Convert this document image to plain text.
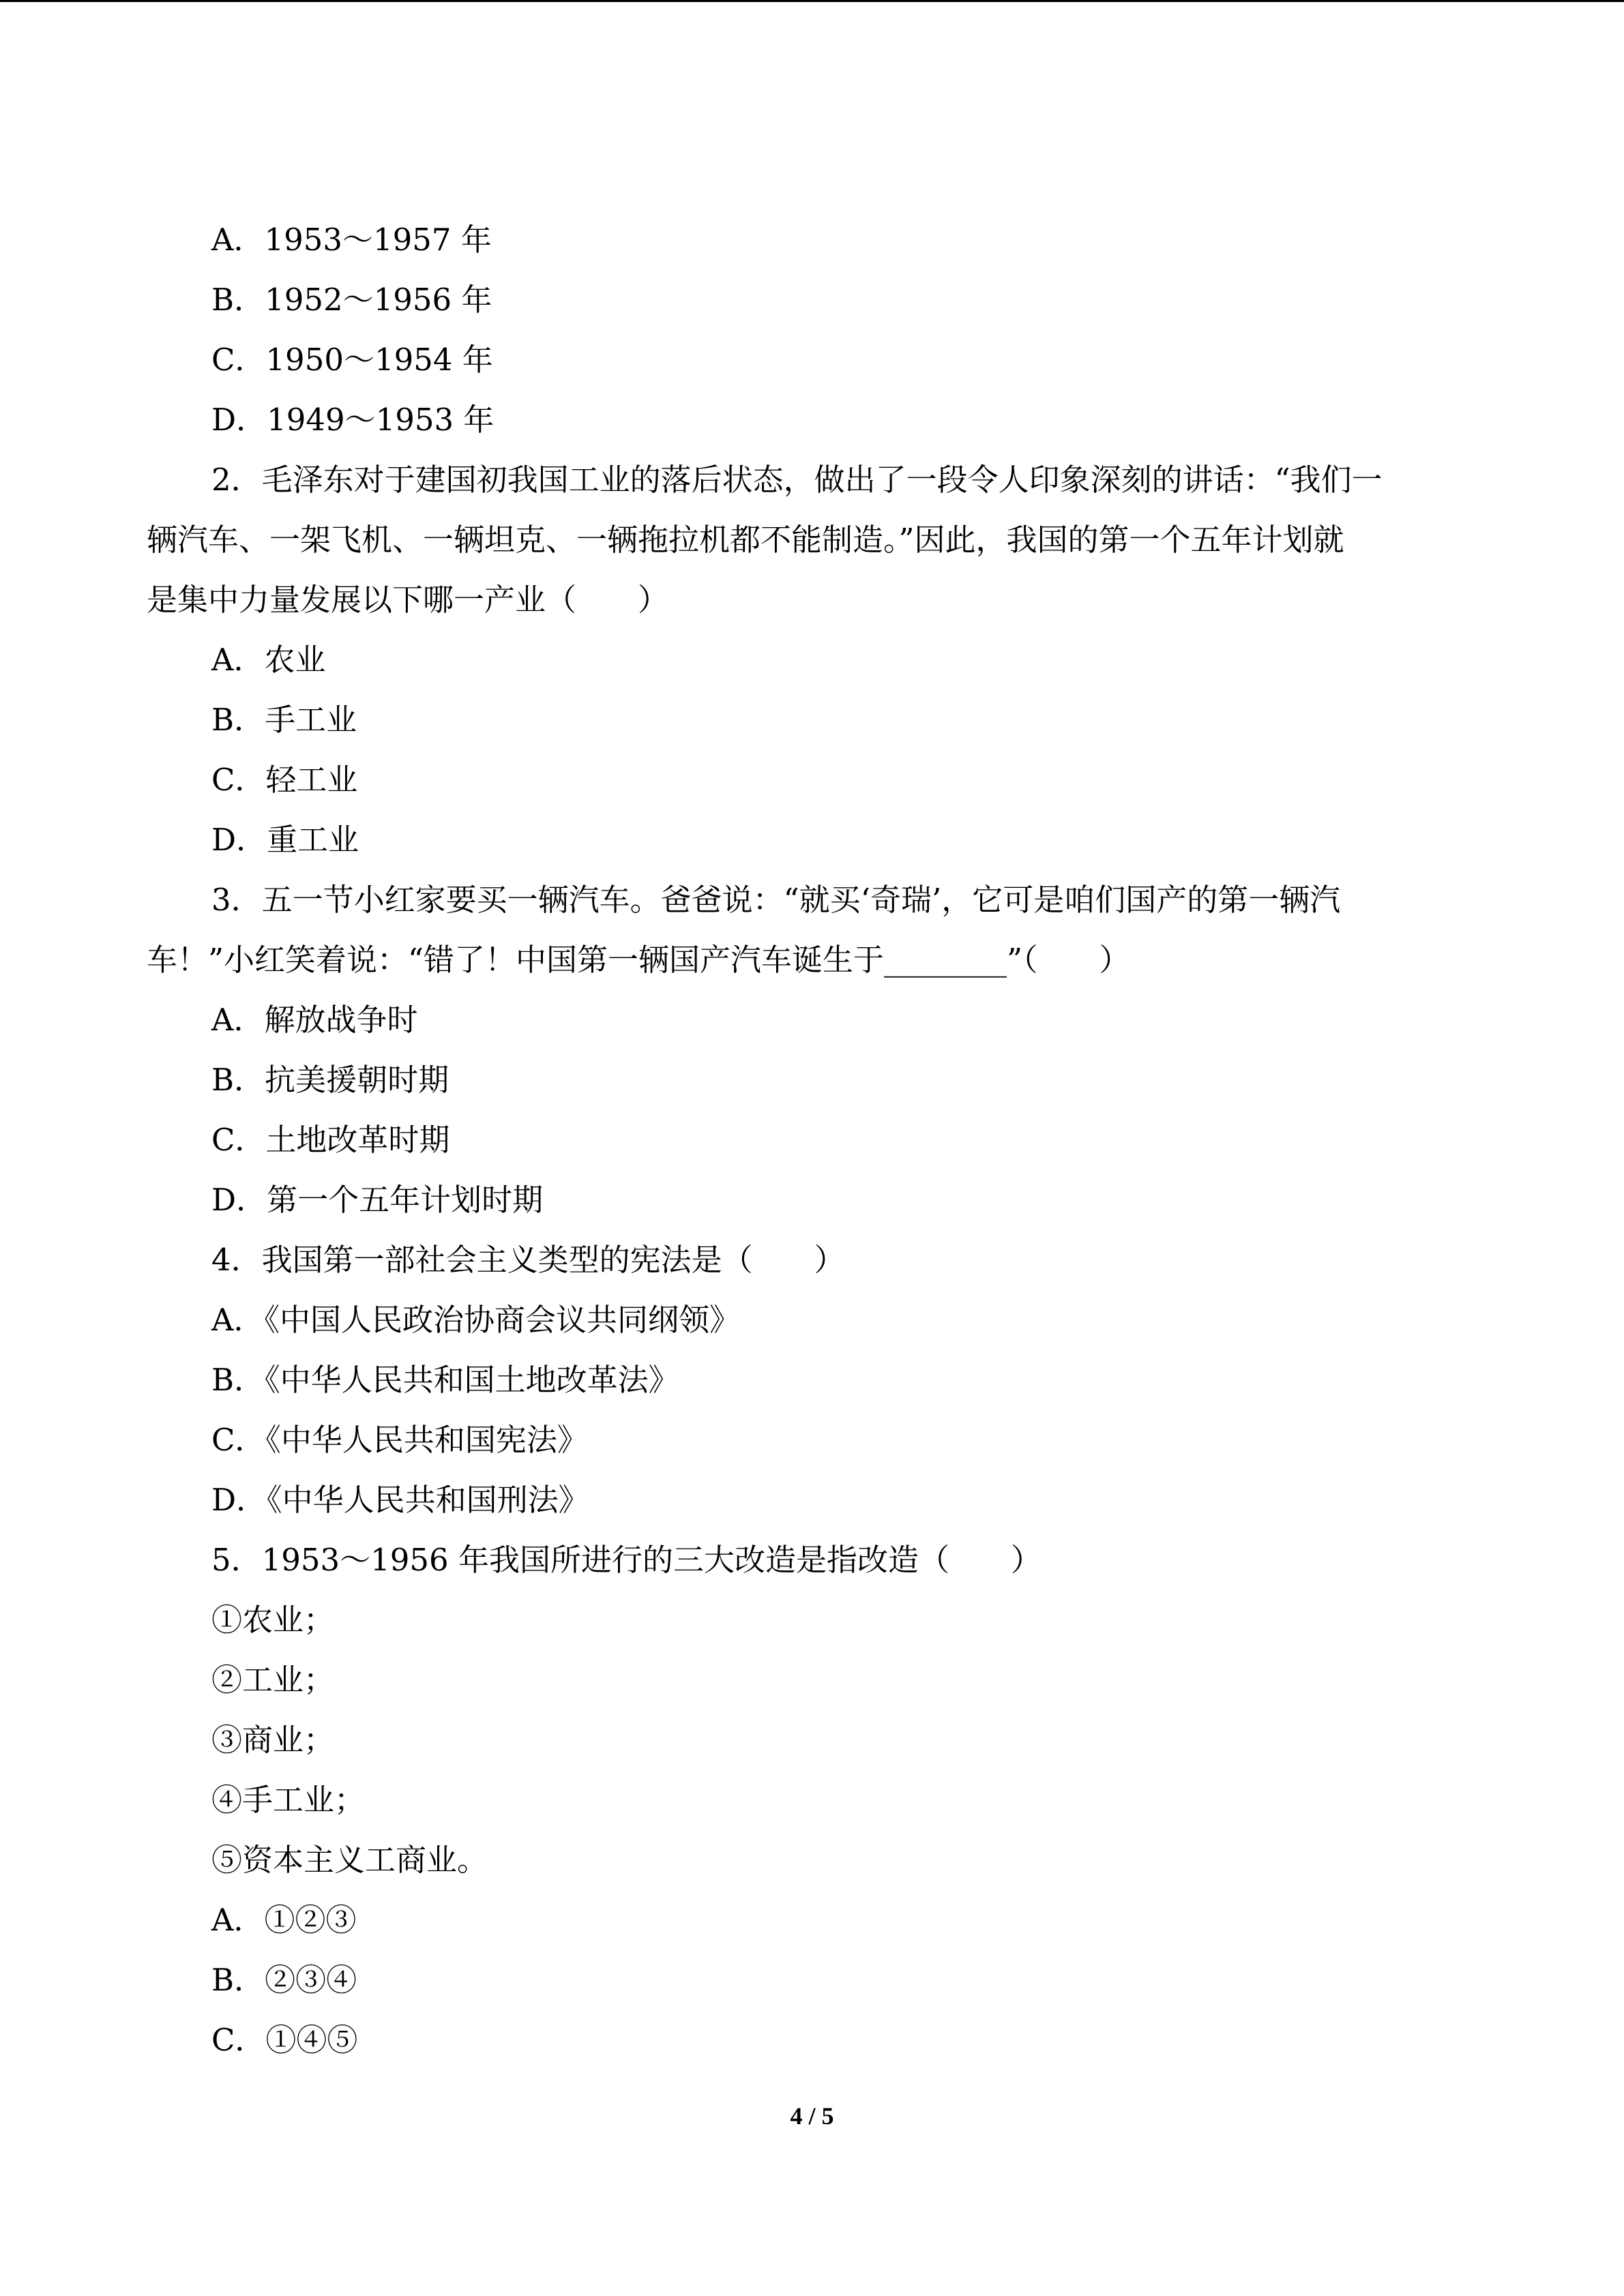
A．1953～1957 年

B．1952～1956 年

C．1950～1954 年

D．1949～1953 年

2．毛泽东对于建国初我国工业的落后状态，做出了一段令人印象深刻的讲话：“我们一

辆汽车、一架飞机、一辆坦克、一辆拖拉机都不能制造。”因此，我国的第一个五年计划就

是集中力量发展以下哪一产业（　　）

A．农业

B．手工业

C．轻工业

D．重工业

3．五一节小红家要买一辆汽车。爸爸说：“就买‘奇瑞’，它可是咱们国产的第一辆汽

车！”小红笑着说：“错了！中国第一辆国产汽车诞生于________”（　　）

A．解放战争时

B．抗美援朝时期

C．土地改革时期

D．第一个五年计划时期

4．我国第一部社会主义类型的宪法是（　　）

A．《中国人民政治协商会议共同纲领》

B．《中华人民共和国土地改革法》

C．《中华人民共和国宪法》

D．《中华人民共和国刑法》

5．1953～1956 年我国所进行的三大改造是指改造（　　）

①农业；

②工业；

③商业；

④手工业；

⑤资本主义工商业。

A．①②③

B．②③④

C．①④⑤

4 / 5
